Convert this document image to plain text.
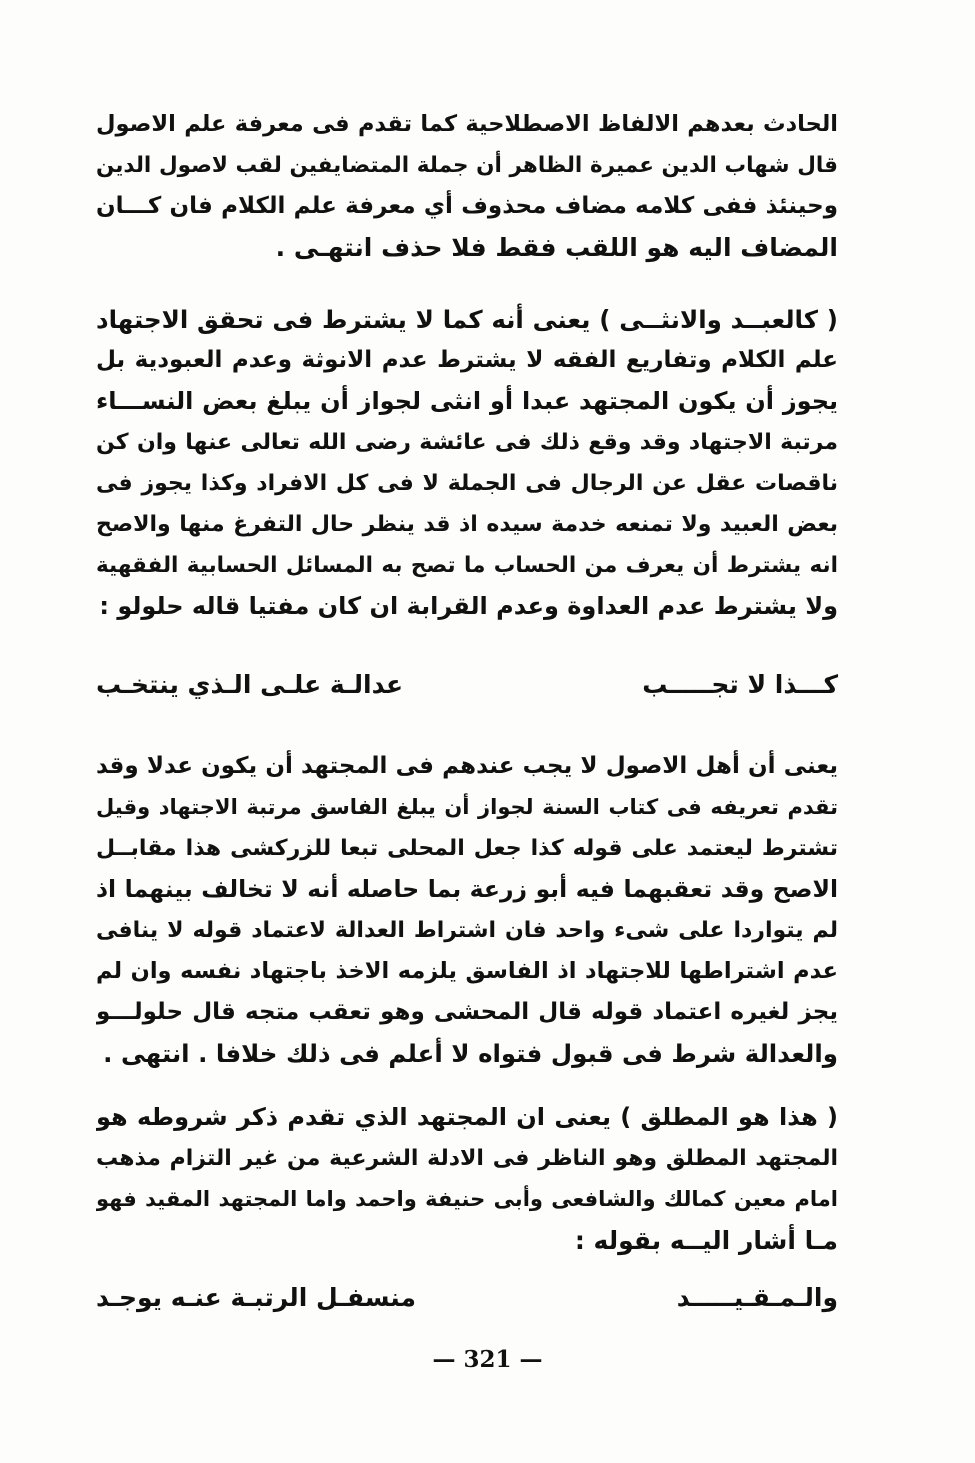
الحادث بعدهم الالفاظ الاصطلاحية كما تقدم فى معرفة علم الاصول
قال شهاب الدين عميرة الظاهر أن جملة المتضايفين لقب لاصول الدين
وحينئذ ففى كلامه مضاف محذوف أي معرفة علم الكلام فان كـــان
المضاف اليه هو اللقب فقط فلا حذف انتهـى .
( كالعبــد والانثــى ) يعنى أنه كما لا يشترط فى تحقق الاجتهاد
علم الكلام وتفاريع الفقه لا يشترط عدم الانوثة وعدم العبودية بل
يجوز أن يكون المجتهد عبدا أو انثى لجواز أن يبلغ بعض النســـاء
مرتبة الاجتهاد وقد وقع ذلك فى عائشة رضى الله تعالى عنها وان كن
ناقصات عقل عن الرجال فى الجملة لا فى كل الافراد وكذا يجوز فى
بعض العبيد ولا تمنعه خدمة سيده اذ قد ينظر حال التفرغ منها والاصح
انه يشترط أن يعرف من الحساب ما تصح به المسائل الحسابية الفقهية
ولا يشترط عدم العداوة وعدم القرابة ان كان مفتيا قاله حلولو :
كـــذا لا تجـــــب
عدالـة علـى الـذي ينتخـب
يعنى أن أهل الاصول لا يجب عندهم فى المجتهد أن يكون عدلا وقد
تقدم تعريفه فى كتاب السنة لجواز أن يبلغ الفاسق مرتبة الاجتهاد وقيل
تشترط ليعتمد على قوله كذا جعل المحلى تبعا للزركشى هذا مقابــل
الاصح وقد تعقبهما فيه أبو زرعة بما حاصله أنه لا تخالف بينهما اذ
لم يتواردا على شىء واحد فان اشتراط العدالة لاعتماد قوله لا ينافى
عدم اشتراطها للاجتهاد اذ الفاسق يلزمه الاخذ باجتهاد نفسه وان لم
يجز لغيره اعتماد قوله قال المحشى وهو تعقب متجه قال حلولـــو
والعدالة شرط فى قبول فتواه لا أعلم فى ذلك خلافا . انتهى .
( هذا هو المطلق ) يعنى ان المجتهد الذي تقدم ذكر شروطه هو
المجتهد المطلق وهو الناظر فى الادلة الشرعية من غير التزام مذهب
امام معين كمالك والشافعى وأبى حنيفة واحمد واما المجتهد المقيد فهو
مـا أشار اليــه بقوله :
والـمـقـيـــــد
منسفـل الرتبـة عنـه يوجـد
— 321 —
